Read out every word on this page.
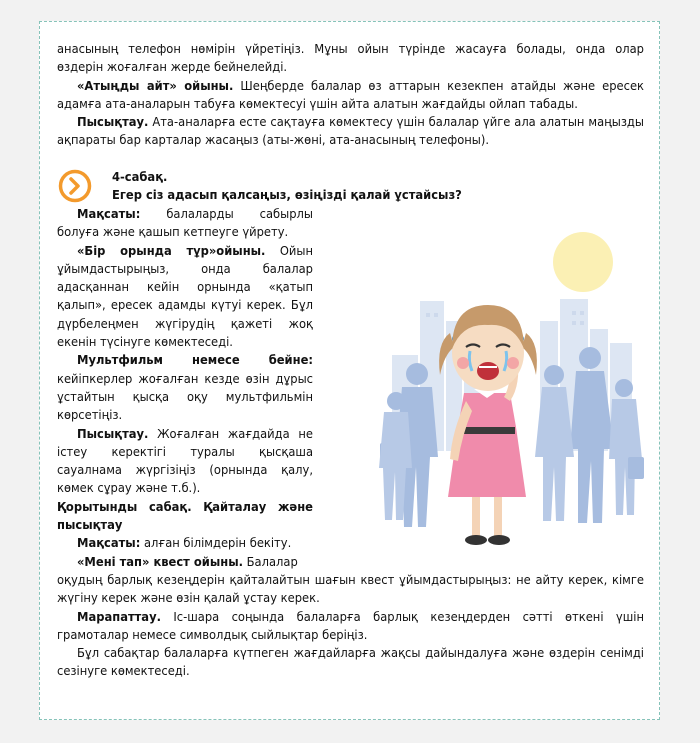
анасының телефон нөмірін үйретіңіз. Мұны ойын түрінде жасауға болады, онда олар

өздерін жоғалған жерде бейнелейді.

«Атыңды айт» ойыны. Шеңберде балалар өз аттарын кезекпен атайды және ересек адамға ата-аналарын табуға көмектесуі үшін айта алатын жағдайды ойлап табады.

Пысықтау. Ата-аналарға есте сақтауға көмектесу үшін балалар үйге ала алатын маңызды ақпараты бар карталар жасаңыз (аты-жөні, ата-анасының телефоны).

4-сабақ.
Егер сіз адасып қалсаңыз, өзіңізді қалай ұстайсыз?

Мақсаты: балаларды сабырлы болуға және қашып кетпеуге үйрету.

«Бір орында тұр»ойыны. Ойын ұйымдастырыңыз, онда балалар адасқаннан кейін орнында «қатып қалып», ересек адамды күтуі керек. Бұл дүрбелеңмен жүгірудің қажеті жоқ екенін түсінуге көмектеседі.

Мультфильм немесе бейне: кейіпкерлер жоғалған кезде өзін дұрыс ұстайтын қысқа оқу мультфильмін көрсетіңіз.

Пысықтау. Жоғалған жағдайда не істеу керектігі туралы қысқаша сауалнама жүргізіңіз (орнында қалу, көмек сұрау және т.б.).

Қорытынды сабақ. Қайталау және пысықтау

Мақсаты: алған білімдерін бекіту.

«Мені тап» квест ойыны. Балалар

оқудың барлық кезеңдерін қайталайтын шағын квест ұйымдастырыңыз: не айту керек, кімге жүгіну керек және өзін қалай ұстау керек.

Марапаттау. Іс-шара соңында балаларға барлық кезеңдерден сәтті өткені үшін грамоталар немесе символдық сыйлықтар беріңіз.

Бұл сабақтар балаларға күтпеген жағдайларға жақсы дайындалуға және өздерін сенімді сезінуге көмектеседі.
